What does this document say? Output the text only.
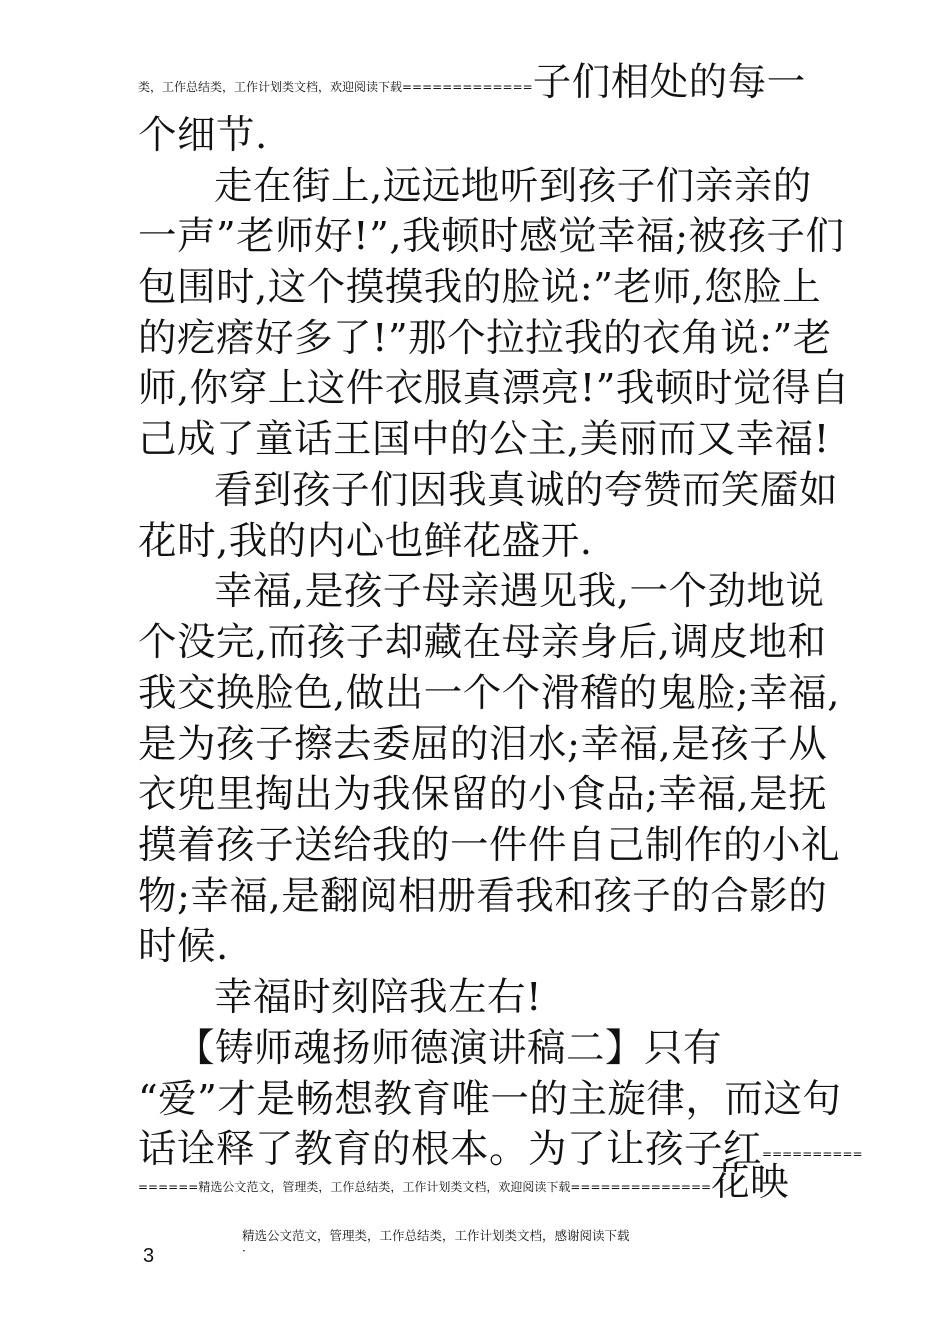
类，工作总结类，工作计划类文档，欢迎阅读下载=============子们相处的每一
个细节.
走在街上,远远地听到孩子们亲亲的
一声”老师好!”,我顿时感觉幸福;被孩子们
包围时,这个摸摸我的脸说:”老师,您脸上
的疙瘩好多了!”那个拉拉我的衣角说:”老
师,你穿上这件衣服真漂亮!”我顿时觉得自
己成了童话王国中的公主,美丽而又幸福!
看到孩子们因我真诚的夸赞而笑靥如
花时,我的内心也鲜花盛开.
幸福,是孩子母亲遇见我,一个劲地说
个没完,而孩子却藏在母亲身后,调皮地和
我交换脸色,做出一个个滑稽的鬼脸;幸福,
是为孩子擦去委屈的泪水;幸福,是孩子从
衣兜里掏出为我保留的小食品;幸福,是抚
摸着孩子送给我的一件件自己制作的小礼
物;幸福,是翻阅相册看我和孩子的合影的
时候.
幸福时刻陪我左右!
【铸师魂扬师德演讲稿二】只有
“爱”才是畅想教育唯一的主旋律，而这句
话诠释了教育的根本。为了让孩子红==========
======精选公文范文，管理类，工作总结类，工作计划类文档，欢迎阅读下载==============花映
3
精选公文范文，管理类，工作总结类，工作计划类文档，感谢阅读下载
·
